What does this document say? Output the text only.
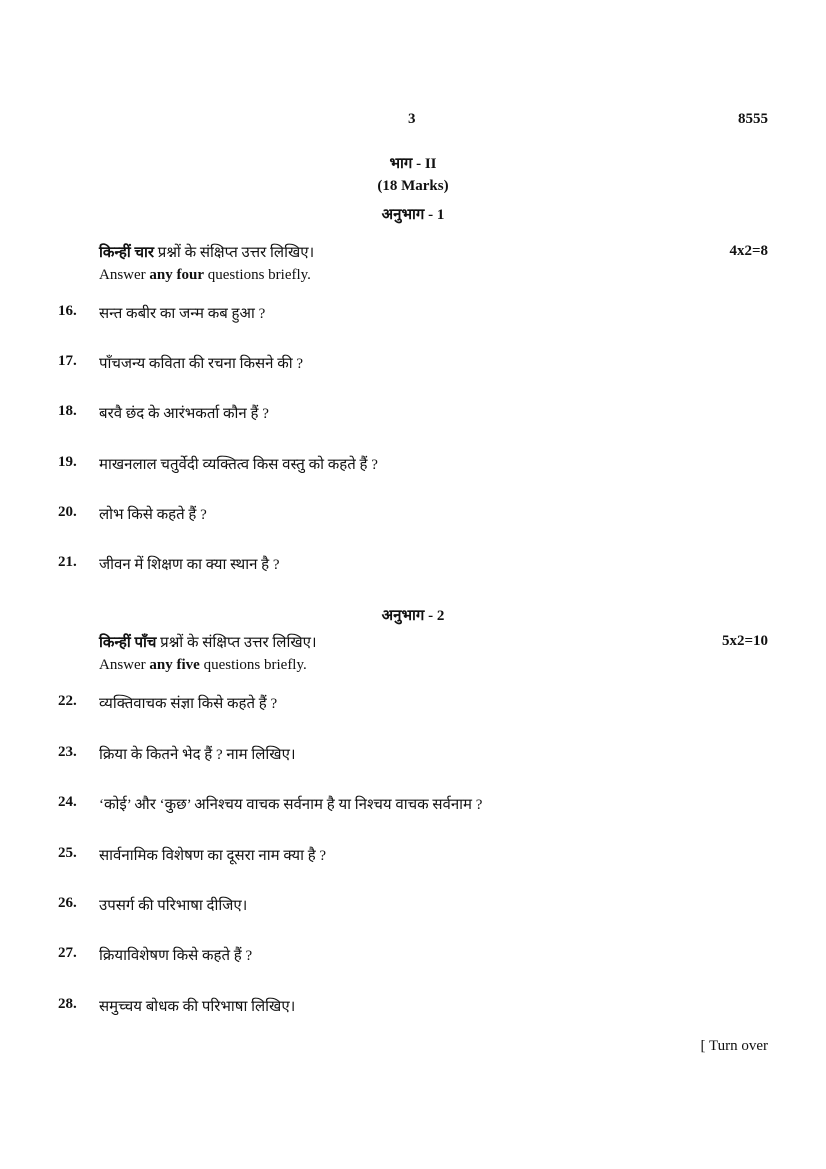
3	8555
भाग - II
(18 Marks)
अनुभाग - 1
किन्हीं चार प्रश्नों के संक्षिप्त उत्तर लिखिए।	4x2=8
Answer any four questions briefly.
16.	सन्त कबीर का जन्म कब हुआ ?
17.	पाँचजन्य कविता की रचना किसने की ?
18.	बरवै छंद के आरंभकर्ता कौन हैं ?
19.	माखनलाल चतुर्वेदी व्यक्तित्व किस वस्तु को कहते हैं ?
20.	लोभ किसे कहते हैं ?
21.	जीवन में शिक्षण का क्या स्थान है ?
अनुभाग - 2
किन्हीं पाँच प्रश्नों के संक्षिप्त उत्तर लिखिए।	5x2=10
Answer any five questions briefly.
22.	व्यक्तिवाचक संज्ञा किसे कहते हैं ?
23.	क्रिया के कितने भेद हैं ? नाम लिखिए।
24.	‘कोई’ और ‘कुछ’ अनिश्चय वाचक सर्वनाम है या निश्चय वाचक सर्वनाम ?
25.	सार्वनामिक विशेषण का दूसरा नाम क्या है ?
26.	उपसर्ग की परिभाषा दीजिए।
27.	क्रियाविशेषण किसे कहते हैं ?
28.	समुच्चय बोधक की परिभाषा लिखिए।
[ Turn over
